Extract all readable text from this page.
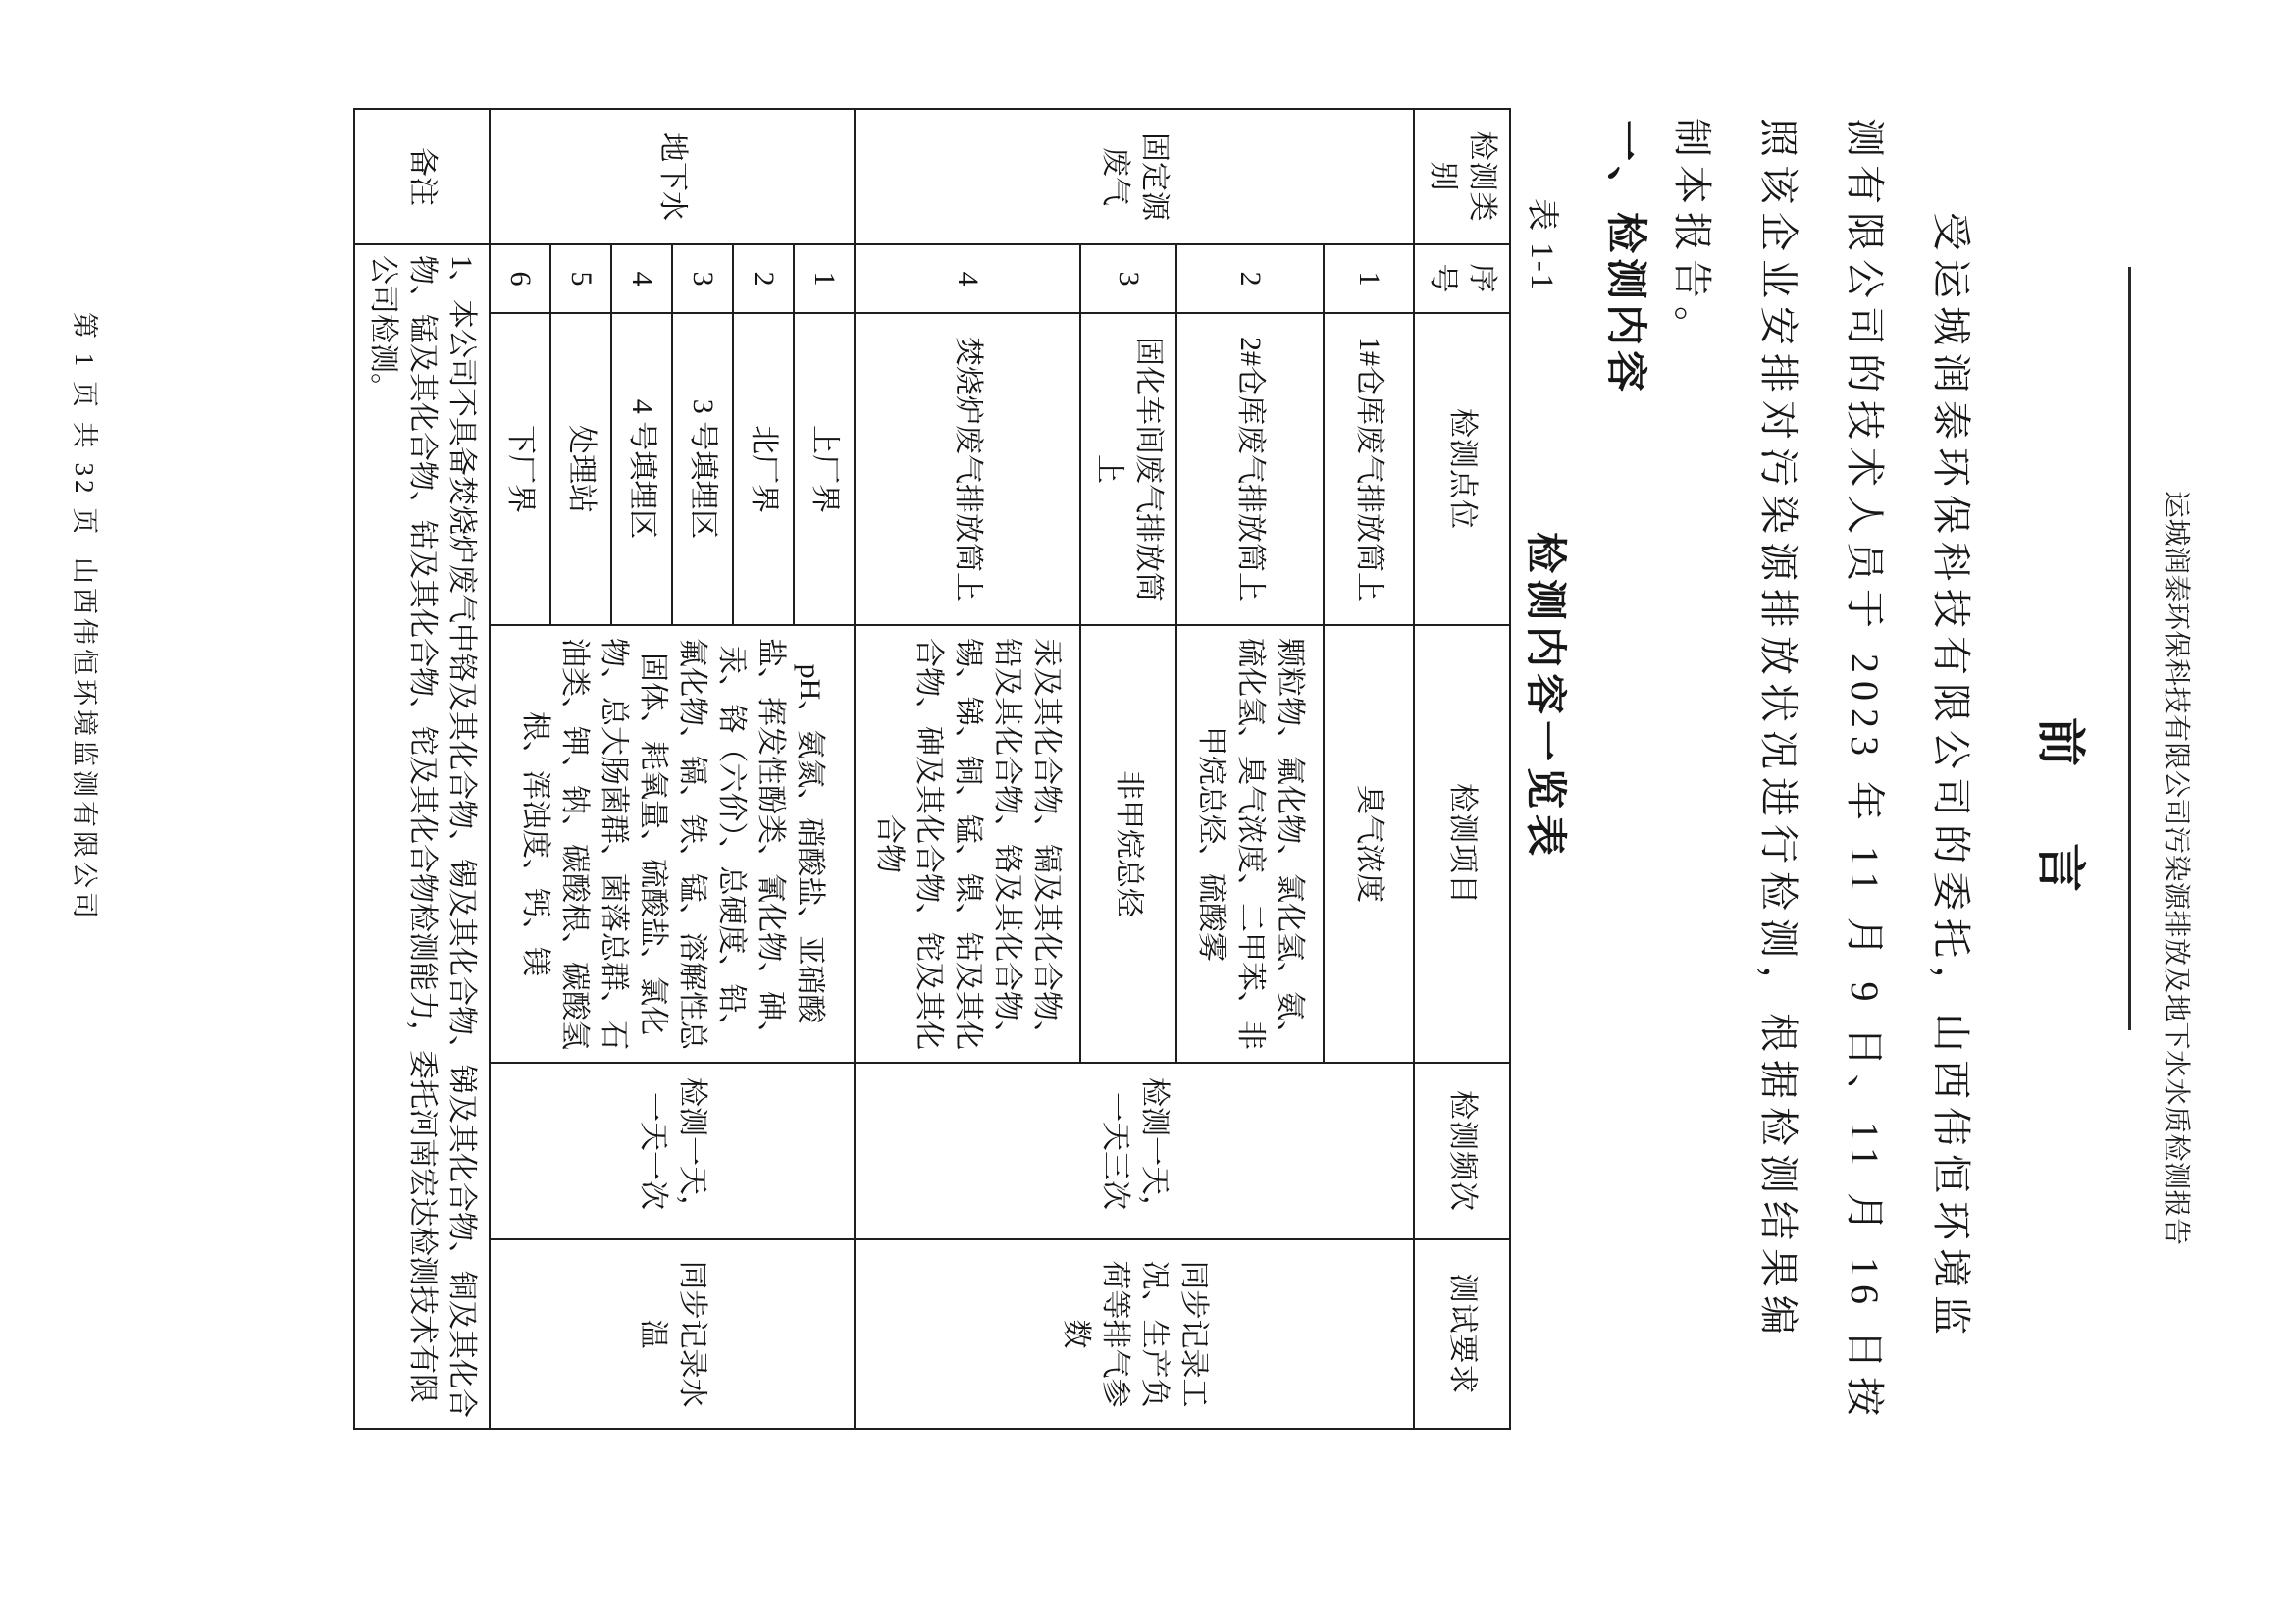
运城润泰环保科技有限公司污染源排放及地下水水质检测报告
前　言
受运城润泰环保科技有限公司的委托，山西伟恒环境监
测有限公司的技术人员于 2023 年 11 月 9 日、11 月 16 日按
照该企业安排对污染源排放状况进行检测，根据检测结果编
制本报告。
一、检测内容
表 1-1
检测内容一览表
检测类别	序号	检测点位	检测项目	检测频次	测试要求
固定源废气	1	1#仓库废气排放筒上	臭气浓度	检测一天，一天三次	同步记录工况、生产负荷等排气参数
	2	2#仓库废气排放筒上	颗粒物、氟化物、氯化氢、氨、硫化氢、臭气浓度、二甲苯、非甲烷总烃、硫酸雾		
	3	固化车间废气排放筒上	非甲烷总烃		
	4	焚烧炉废气排放筒上	汞及其化合物、镉及其化合物、铅及其化合物、铬及其化合物、锡、锑、铜、锰、镍、钴及其化合物、砷及其化合物、铊及其化合物		
地下水	1	上厂界	pH、氨氮、硝酸盐、亚硝酸盐、挥发性酚类、氰化物、砷、汞、铬（六价）、总硬度、铅、氟化物、镉、铁、锰、溶解性总固体、耗氧量、硫酸盐、氯化物、总大肠菌群、菌落总群、石油类、钾、钠、碳酸根、碳酸氢根、浑浊度、钙、镁	检测一天，一天一次	同步记录水温
	2	北厂界			
	3	3 号填埋区			
	4	4 号填埋区			
	5	处理站			
	6	下厂界			
备注	1、本公司不具备焚烧炉废气中铬及其化合物、锡及其化合物、锑及其化合物、铜及其化合物、锰及其化合物、钴及其化合物、铊及其化合物检测能力，委托河南宏达检测技术有限公司检测。				
第 1 页 共 32 页
山西伟恒环境监测有限公司
